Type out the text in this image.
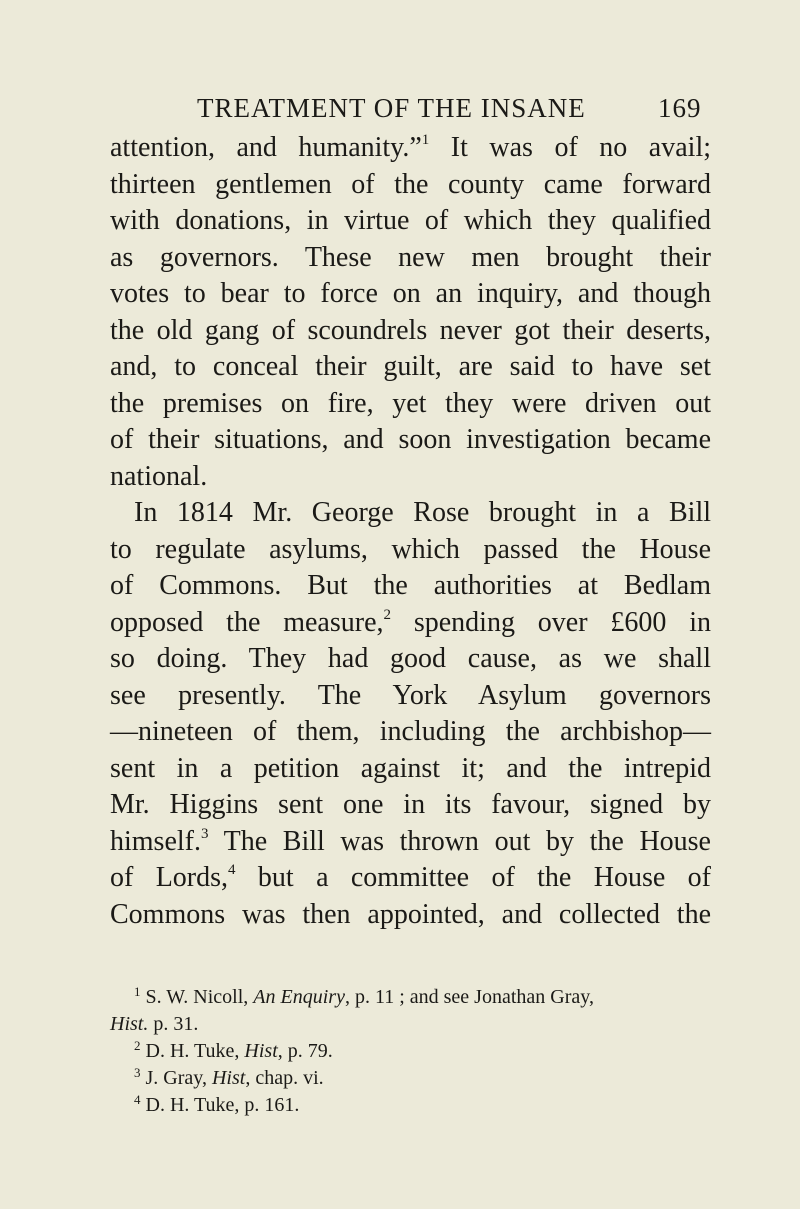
TREATMENT OF THE INSANE	169
attention, and humanity.”$^1$ It was of no avail;
thirteen gentlemen of the county came forward
with donations, in virtue of which they qualified
as governors. These new men brought their
votes to bear to force on an inquiry, and though
the old gang of scoundrels never got their deserts,
and, to conceal their guilt, are said to have set
the premises on fire, yet they were driven out
of their situations, and soon investigation became
national.
In 1814 Mr. George Rose brought in a Bill
to regulate asylums, which passed the House
of Commons. But the authorities at Bedlam
opposed the measure,$^2$ spending over £600 in
so doing. They had good cause, as we shall
see presently. The York Asylum governors
—nineteen of them, including the archbishop—
sent in a petition against it; and the intrepid
Mr. Higgins sent one in its favour, signed by
himself.$^3$ The Bill was thrown out by the House
of Lords,$^4$ but a committee of the House of
Commons was then appointed, and collected the
$^1$ S. W. Nicoll, An Enquiry, p. 11 ; and see Jonathan Gray,
Hist. p. 31.
$^2$ D. H. Tuke, Hist, p. 79.
$^3$ J. Gray, Hist, chap. vi.
$^4$ D. H. Tuke, p. 161.
